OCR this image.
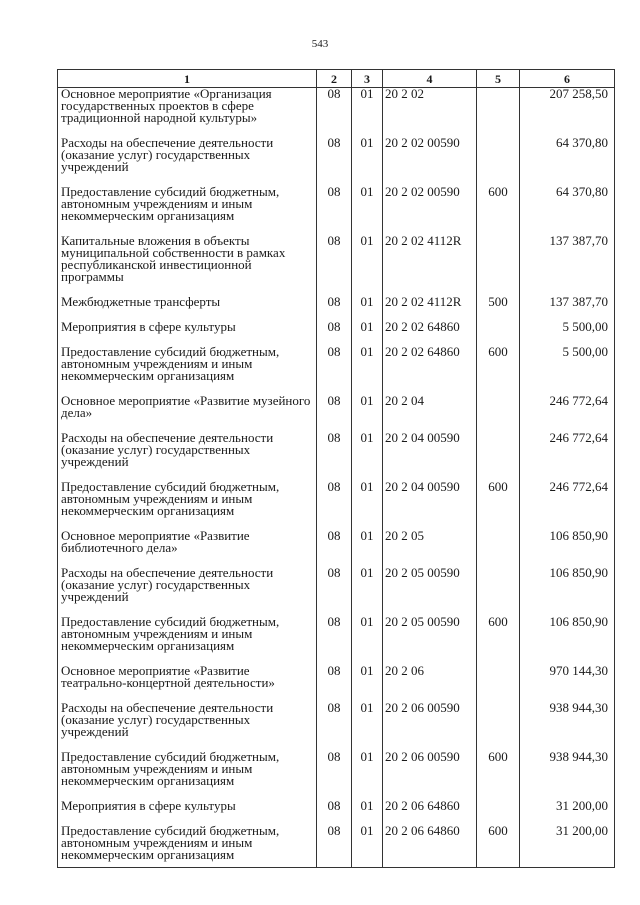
543
1	2	3	4	5	6
Основное мероприятие «Организация государственных проектов в сфере традиционной народной культуры»	08	01	20 2 02		207 258,50
Расходы на обеспечение деятельности (оказание услуг) государственных учреждений	08	01	20 2 02 00590		64 370,80
Предоставление субсидий бюджетным, автономным учреждениям и иным некоммерческим организациям	08	01	20 2 02 00590	600	64 370,80
Капитальные вложения в объекты муниципальной собственности в рамках республиканской инвестиционной программы	08	01	20 2 02 4112R		137 387,70
Межбюджетные трансферты	08	01	20 2 02 4112R	500	137 387,70
Мероприятия в сфере культуры	08	01	20 2 02 64860		5 500,00
Предоставление субсидий бюджетным, автономным учреждениям и иным некоммерческим организациям	08	01	20 2 02 64860	600	5 500,00
Основное мероприятие «Развитие музейного дела»	08	01	20 2 04		246 772,64
Расходы на обеспечение деятельности (оказание услуг) государственных учреждений	08	01	20 2 04 00590		246 772,64
Предоставление субсидий бюджетным, автономным учреждениям и иным некоммерческим организациям	08	01	20 2 04 00590	600	246 772,64
Основное мероприятие «Развитие библиотечного дела»	08	01	20 2 05		106 850,90
Расходы на обеспечение деятельности (оказание услуг) государственных учреждений	08	01	20 2 05 00590		106 850,90
Предоставление субсидий бюджетным, автономным учреждениям и иным некоммерческим организациям	08	01	20 2 05 00590	600	106 850,90
Основное мероприятие «Развитие театрально-концертной деятельности»	08	01	20 2 06		970 144,30
Расходы на обеспечение деятельности (оказание услуг) государственных учреждений	08	01	20 2 06 00590		938 944,30
Предоставление субсидий бюджетным, автономным учреждениям и иным некоммерческим организациям	08	01	20 2 06 00590	600	938 944,30
Мероприятия в сфере культуры	08	01	20 2 06 64860		31 200,00
Предоставление субсидий бюджетным, автономным учреждениям и иным некоммерческим организациям	08	01	20 2 06 64860	600	31 200,00
